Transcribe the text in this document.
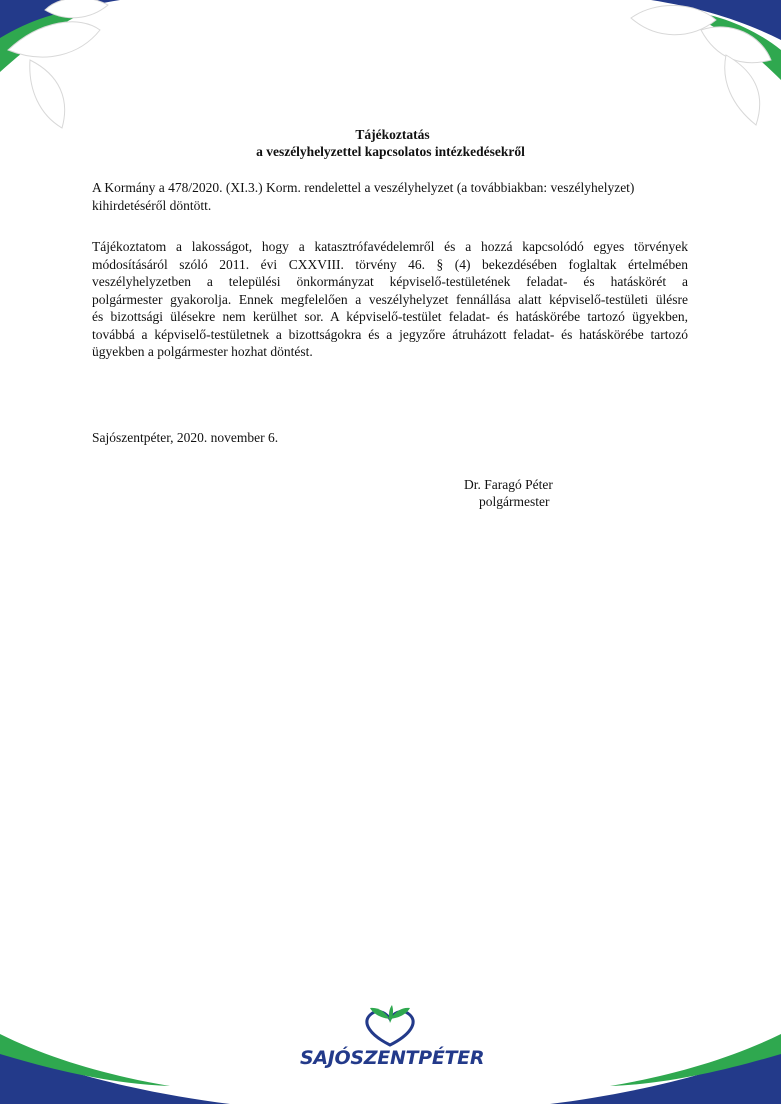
Tájékoztatás
a veszélyhelyzettel kapcsolatos intézkedésekről
A Kormány a 478/2020. (XI.3.) Korm. rendelettel a veszélyhelyzet (a továbbiakban: veszélyhelyzet)
kihirdetéséről döntött.
Tájékoztatom a lakosságot, hogy a katasztrófavédelemről és a hozzá kapcsolódó egyes törvények
módosításáról szóló 2011. évi CXXVIII. törvény 46. § (4) bekezdésében foglaltak értelmében
veszélyhelyzetben a települési önkormányzat képviselő-testületének feladat- és hatáskörét a
polgármester gyakorolja. Ennek megfelelően a veszélyhelyzet fennállása alatt képviselő-testületi ülésre
és bizottsági ülésekre nem kerülhet sor. A képviselő-testület feladat- és hatáskörébe tartozó ügyekben,
továbbá a képviselő-testületnek a bizottságokra és a jegyzőre átruházott feladat- és hatáskörébe tartozó
ügyekben a polgármester hozhat döntést.
Sajószentpéter, 2020. november 6.
Dr. Faragó Péter
polgármester
SAJÓSZENTPÉTER
